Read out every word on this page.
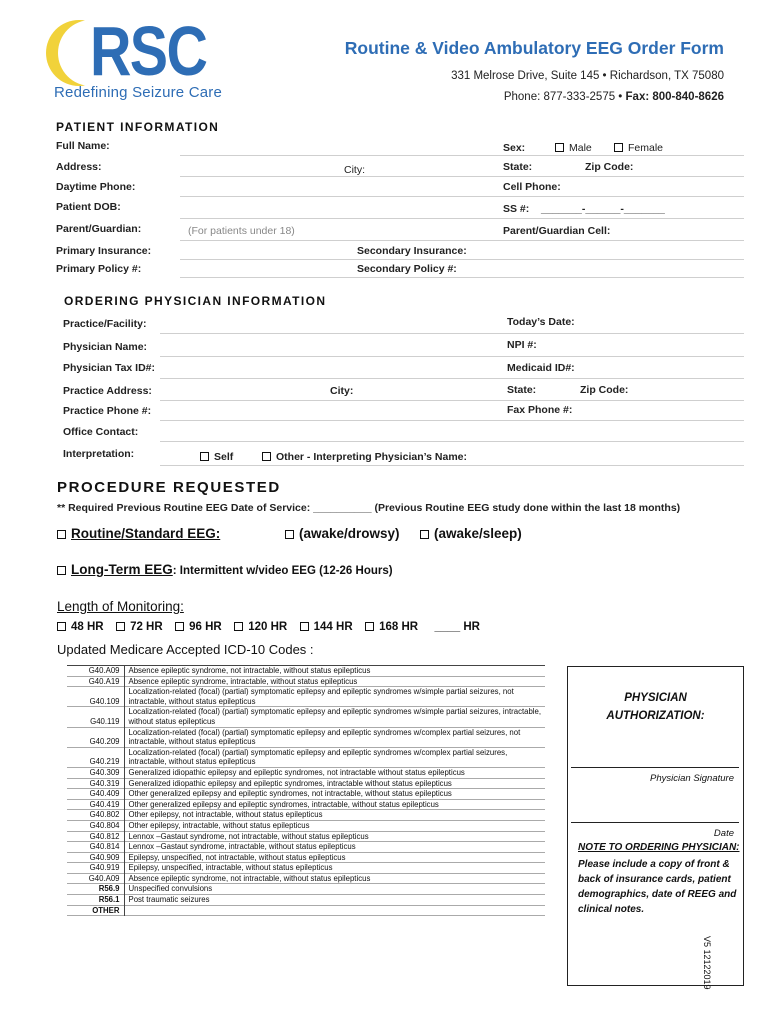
RSC
Redefining Seizure Care
Routine & Video Ambulatory EEG Order Form
331 Melrose Drive, Suite 145 • Richardson, TX 75080
Phone: 877-333-2575 • Fax: 800-840-8626
PATIENT INFORMATION
Full Name:	Sex:	Male	Female
Address:	City:	State:	Zip Code:
Daytime Phone:	Cell Phone:
Patient DOB:	SS #: _______-______-_______
Parent/Guardian:	(For patients under 18)	Parent/Guardian Cell:
Primary Insurance:	Secondary Insurance:
Primary Policy #:	Secondary Policy #:
ORDERING PHYSICIAN INFORMATION
Practice/Facility:	Today’s Date:
Physician Name:	NPI #:
Physician Tax ID#:	Medicaid ID#:
Practice Address:	City:	State:	Zip Code:
Practice Phone #:	Fax Phone #:
Office Contact:
Interpretation:	Self	Other - Interpreting Physician’s Name:
PROCEDURE REQUESTED
** Required Previous Routine EEG Date of Service: __________ (Previous Routine EEG study done within the last 18 months)
Routine/Standard EEG:	(awake/drowsy)	(awake/sleep)
Long-Term EEG: Intermittent w/video EEG (12-26 Hours)
Length of Monitoring:
48 HR 72 HR 96 HR 120 HR 144 HR 168 HR ____ HR
Updated Medicare Accepted ICD-10 Codes :
G40.A09	Absence epileptic syndrome, not intractable, without status epilepticus
G40.A19	Absence epileptic syndrome, intractable, without status epilepticus
G40.109	Localization-related (focal) (partial) symptomatic epilepsy and epileptic syndromes w/simple partial seizures, not intractable, without status epilepticus
G40.119	Localization-related (focal) (partial) symptomatic epilepsy and epileptic syndromes w/simple partial seizures, intractable, without status epilepticus
G40.209	Localization-related (focal) (partial) symptomatic epilepsy and epileptic syndromes w/complex partial seizures, not intractable, without status epilepticus
G40.219	Localization-related (focal) (partial) symptomatic epilepsy and epileptic syndromes w/complex partial seizures, intractable, without status epilepticus
G40.309	Generalized idiopathic epilepsy and epileptic syndromes, not intractable without status epilepticus
G40.319	Generalized idiopathic epilepsy and epileptic syndromes, intractable without status epilepticus
G40.409	Other generalized epilepsy and epileptic syndromes, not intractable, without status epilepticus
G40.419	Other generalized epilepsy and epileptic syndromes, intractable, without status epilepticus
G40.802	Other epilepsy, not intractable, without status epilepticus
G40.804	Other epilepsy, intractable, without status epilepticus
G40.812	Lennox –Gastaut syndrome, not intractable, without status epilepticus
G40.814	Lennox –Gastaut syndrome, intractable, without status epilepticus
G40.909	Epilepsy, unspecified, not intractable, without status epilepticus
G40.919	Epilepsy, unspecified, intractable, without status epilepticus
G40.A09	Absence epileptic syndrome, not intractable, without status epilepticus
R56.9	Unspecified convulsions
R56.1	Post traumatic seizures
OTHER	
PHYSICIAN
AUTHORIZATION:
Physician Signature
Date
NOTE TO ORDERING PHYSICIAN:
Please include a copy of front & back of insurance cards, patient demographics, date of REEG and clinical notes.
V5 12122019
